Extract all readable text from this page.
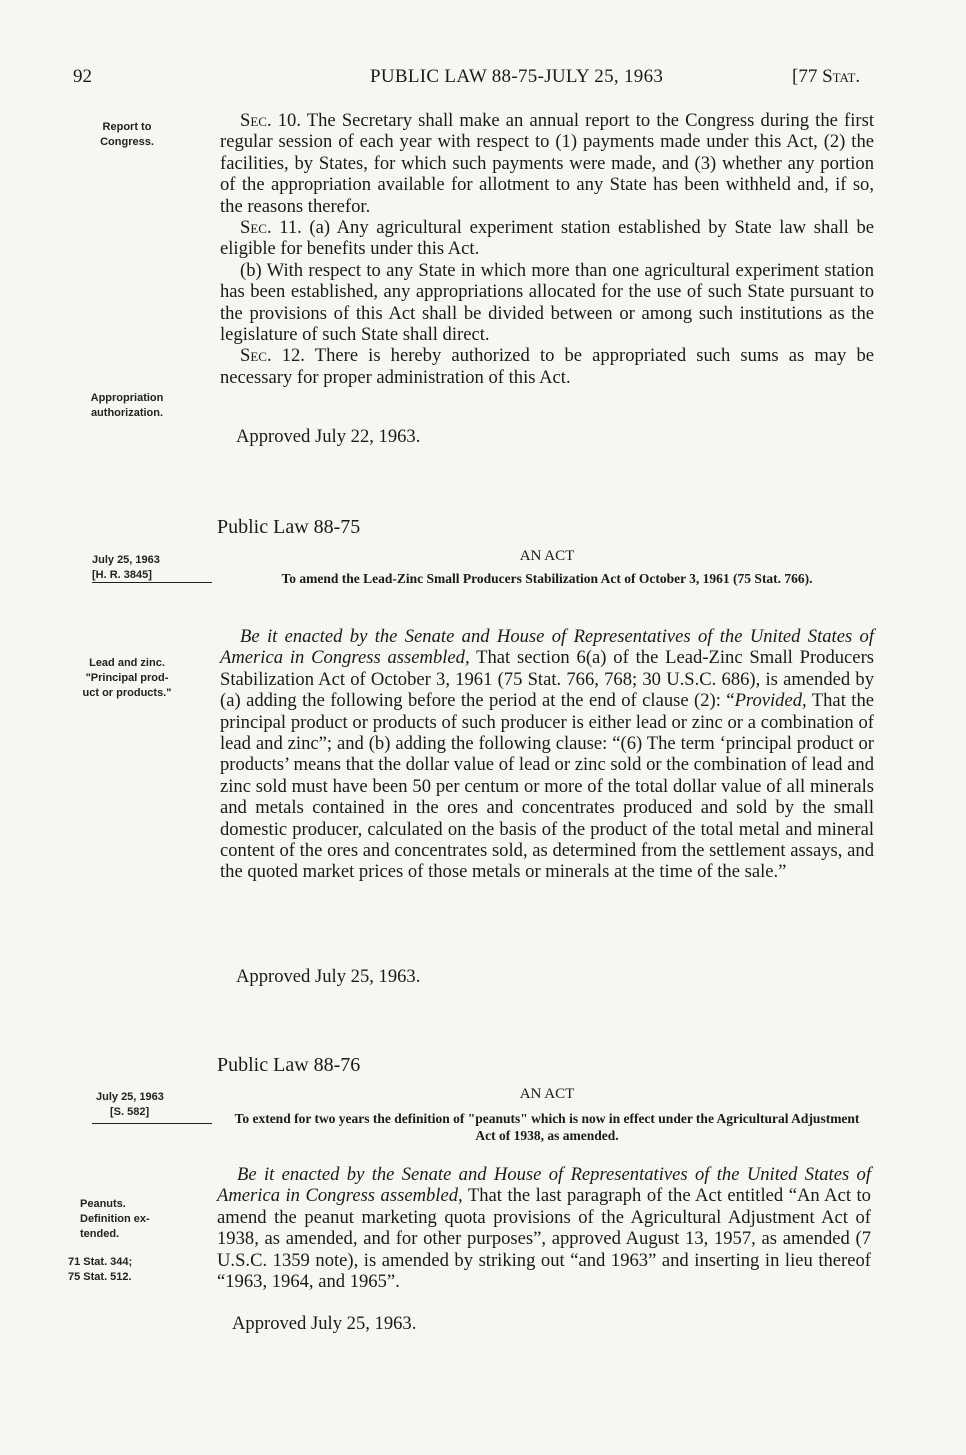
92	PUBLIC LAW 88-75-JULY 25, 1963	[77 Stat.
Report to
Congress.

Sec. 10. The Secretary shall make an annual report to the Congress during the first regular session of each year with respect to (1) payments made under this Act, (2) the facilities, by States, for which such payments were made, and (3) whether any portion of the appropriation available for allotment to any State has been withheld and, if so, the reasons therefor.

Sec. 11. (a) Any agricultural experiment station established by State law shall be eligible for benefits under this Act.

(b) With respect to any State in which more than one agricultural experiment station has been established, any appropriations allocated for the use of such State pursuant to the provisions of this Act shall be divided between or among such institutions as the legislature of such State shall direct.

Sec. 12. There is hereby authorized to be appropriated such sums as may be necessary for proper administration of this Act.

Appropriation
authorization.
Approved July 22, 1963.
Public Law 88-75
July 25, 1963
[H. R. 3845]
AN ACT
To amend the Lead-Zinc Small Producers Stabilization Act of October 3, 1961 (75 Stat. 766).
Lead and zinc.
"Principal prod-
uct or products."

Be it enacted by the Senate and House of Representatives of the United States of America in Congress assembled, That section 6(a) of the Lead-Zinc Small Producers Stabilization Act of October 3, 1961 (75 Stat. 766, 768; 30 U.S.C. 686), is amended by (a) adding the following before the period at the end of clause (2): “Provided, That the principal product or products of such producer is either lead or zinc or a combination of lead and zinc”; and (b) adding the following clause: “(6) The term ‘principal product or products’ means that the dollar value of lead or zinc sold or the combination of lead and zinc sold must have been 50 per centum or more of the total dollar value of all minerals and metals contained in the ores and concentrates produced and sold by the small domestic producer, calculated on the basis of the product of the total metal and mineral content of the ores and concentrates sold, as determined from the settlement assays, and the quoted market prices of those metals or minerals at the time of the sale.”

Approved July 25, 1963.
Public Law 88-76
July 25, 1963
[S. 582]
AN ACT
To extend for two years the definition of "peanuts" which is now in effect under the Agricultural Adjustment Act of 1938, as amended.
Peanuts.
Definition ex-
tended.
71 Stat. 344;
75 Stat. 512.

Be it enacted by the Senate and House of Representatives of the United States of America in Congress assembled, That the last paragraph of the Act entitled “An Act to amend the peanut marketing quota provisions of the Agricultural Adjustment Act of 1938, as amended, and for other purposes”, approved August 13, 1957, as amended (7 U.S.C. 1359 note), is amended by striking out “and 1963” and inserting in lieu thereof “1963, 1964, and 1965”.

Approved July 25, 1963.
